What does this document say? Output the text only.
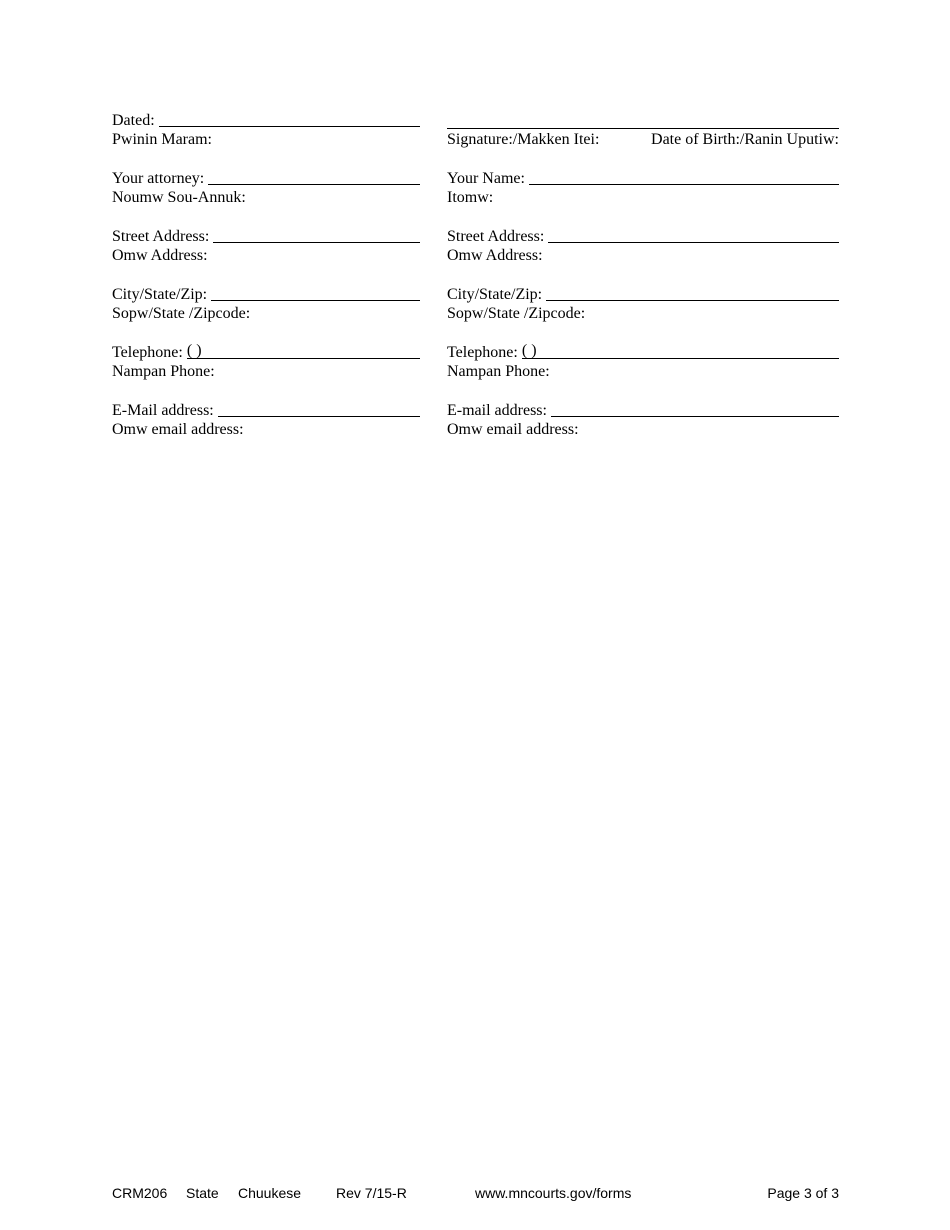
Dated:
Pwinin Maram:
Your attorney:
Noumw Sou-Annuk:
Street Address:
Omw Address:
City/State/Zip:
Sopw/State /Zipcode:
Telephone: ( )
Nampan Phone:
E-Mail address:
Omw email address:
Signature:/Makken Itei:	Date of Birth:/Ranin Uputiw:
Your Name:
Itomw:
Street Address:
Omw Address:
City/State/Zip:
Sopw/State /Zipcode:
Telephone: ( )
Nampan Phone:
E-mail address:
Omw email address:
CRM206 State Chuukese Rev 7/15-R	www.mncourts.gov/forms	Page 3 of 3
